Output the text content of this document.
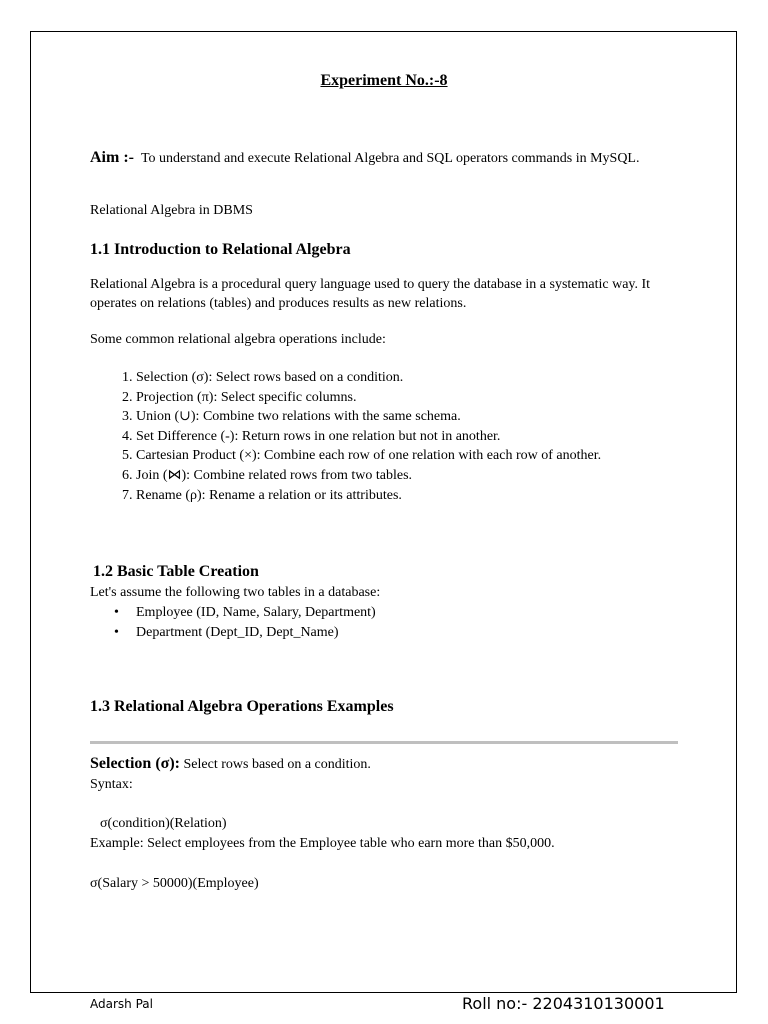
Experiment No.:-8
Aim :- To understand and execute Relational Algebra and SQL operators commands in MySQL.
Relational Algebra in DBMS
1.1 Introduction to Relational Algebra
Relational Algebra is a procedural query language used to query the database in a systematic way. It operates on relations (tables) and produces results as new relations.
Some common relational algebra operations include:
1. Selection (σ): Select rows based on a condition.
2. Projection (π): Select specific columns.
3. Union (∪): Combine two relations with the same schema.
4. Set Difference (-): Return rows in one relation but not in another.
5. Cartesian Product (×): Combine each row of one relation with each row of another.
6. Join (⋈): Combine related rows from two tables.
7. Rename (ρ): Rename a relation or its attributes.
1.2 Basic Table Creation
Let's assume the following two tables in a database:
• Employee (ID, Name, Salary, Department)
• Department (Dept_ID, Dept_Name)
1.3 Relational Algebra Operations Examples
Selection (σ): Select rows based on a condition.
Syntax:
σ(condition)(Relation)
Example: Select employees from the Employee table who earn more than $50,000.
σ(Salary > 50000)(Employee)
Adarsh Pal	Roll no:- 2204310130001
